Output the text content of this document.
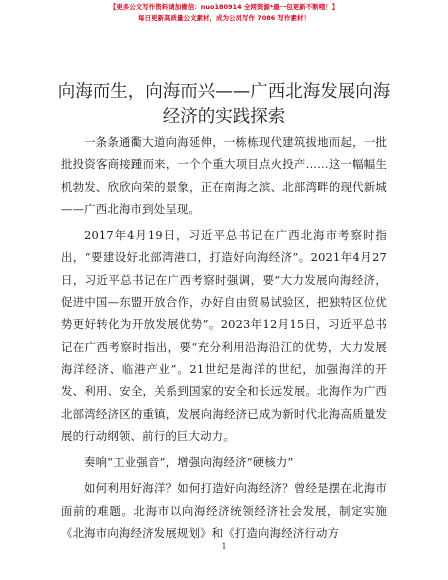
【更多公文写作资料请加微信：nuo180914 全网资源*最一包更新不断哦！】
每日更新高质量公文素材，成为公员写作 7086 写作素材！
向海而生，向海而兴——广西北海发展向海经济的实践探索

一条条通衢大道向海延伸，一栋栋现代建筑拔地而起，一批批投资客商接踵而来，一个个重大项目点火投产……这一幅幅生机勃发、欣欣向荣的景象，正在南海之滨、北部湾畔的现代新城——广西北海市到处呈现。

2017年4月19日，习近平总书记在广西北海市考察时指出，“要建设好北部湾港口，打造好向海经济”。2021年4月27日，习近平总书记在广西考察时强调，要“大力发展向海经济，促进中国—东盟开放合作，办好自由贸易试验区，把独特区位优势更好转化为开放发展优势”。2023年12月15日，习近平总书记在广西考察时指出，要“充分利用沿海沿江的优势，大力发展海洋经济、临港产业”。21世纪是海洋的世纪，加强海洋的开发、利用、安全，关系到国家的安全和长远发展。北海作为广西北部湾经济区的重镇，发展向海经济已成为新时代北海高质量发展的行动纲领、前行的巨大动力。

奏响“工业强音”，增强向海经济“硬核力”

如何利用好海洋？如何打造好向海经济？曾经是摆在北海市面前的难题。北海市以向海经济统领经济社会发展，制定实施《北海市向海经济发展规划》和《打造向海经济行动方

1
